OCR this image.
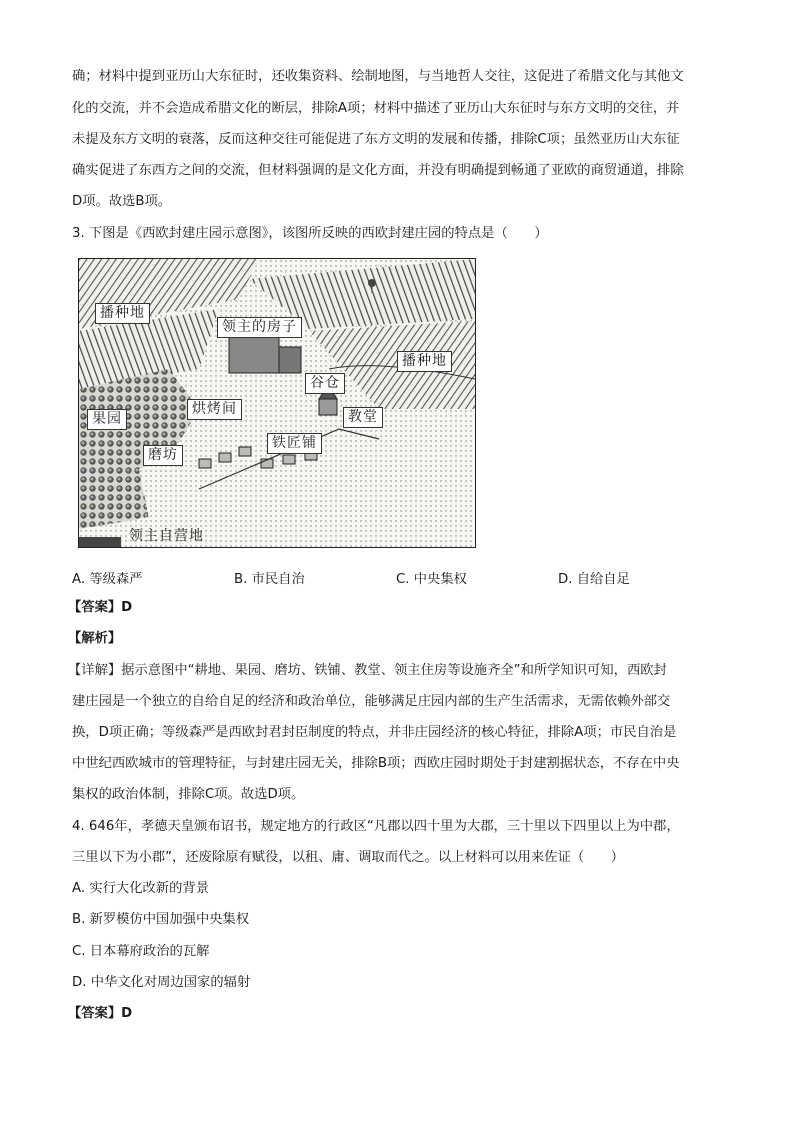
确；材料中提到亚历山大东征时，还收集资料、绘制地图，与当地哲人交往，这促进了希腊文化与其他文
化的交流，并不会造成希腊文化的断层，排除A项；材料中描述了亚历山大东征时与东方文明的交往，并
未提及东方文明的衰落，反而这种交往可能促进了东方文明的发展和传播，排除C项；虽然亚历山大东征
确实促进了东西方之间的交流，但材料强调的是文化方面，并没有明确提到畅通了亚欧的商贸通道，排除
D项。故选B项。
3. 下图是《西欧封建庄园示意图》，该图所反映的西欧封建庄园的特点是（　　）
播种地
领主的房子
播种地
谷仓
果园
烘烤间	教堂
铁匠铺
磨坊
领主自营地
A. 等级森严	B. 市民自治	C. 中央集权	D. 自给自足
【答案】D
【解析】
【详解】据示意图中“耕地、果园、磨坊、铁铺、教堂、领主住房等设施齐全”和所学知识可知，西欧封
建庄园是一个独立的自给自足的经济和政治单位，能够满足庄园内部的生产生活需求，无需依赖外部交
换，D项正确；等级森严是西欧封君封臣制度的特点，并非庄园经济的核心特征，排除A项；市民自治是
中世纪西欧城市的管理特征，与封建庄园无关，排除B项；西欧庄园时期处于封建割据状态，不存在中央
集权的政治体制，排除C项。故选D项。
4. 646年，孝德天皇颁布诏书，规定地方的行政区“凡郡以四十里为大郡，三十里以下四里以上为中郡，
三里以下为小郡”，还废除原有赋役，以租、庸、调取而代之。以上材料可以用来佐证（　　）
A. 实行大化改新的背景
B. 新罗模仿中国加强中央集权
C. 日本幕府政治的瓦解
D. 中华文化对周边国家的辐射
【答案】D
